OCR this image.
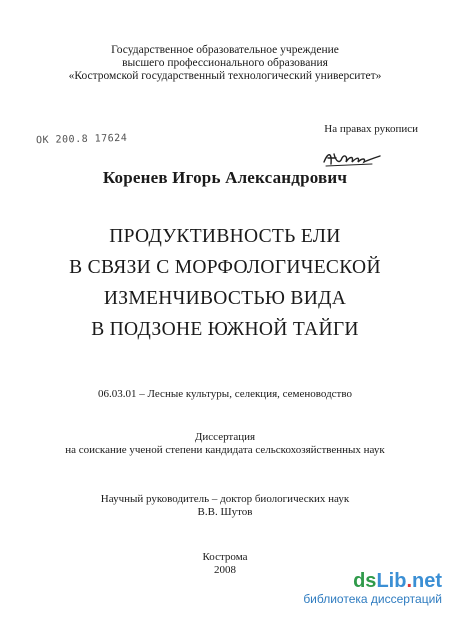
Государственное образовательное учреждение
высшего профессионального образования
«Костромской государственный технологический университет»
На правах рукописи
ОК 200.8 17624
Коренев Игорь Александрович
ПРОДУКТИВНОСТЬ ЕЛИ
В СВЯЗИ С МОРФОЛОГИЧЕСКОЙ
ИЗМЕНЧИВОСТЬЮ ВИДА
В ПОДЗОНЕ ЮЖНОЙ ТАЙГИ
06.03.01 – Лесные культуры, селекция, семеноводство
Диссертация
на соискание ученой степени кандидата сельскохозяйственных наук
Научный руководитель – доктор биологических наук
В.В. Шутов
Кострома
2008	dsLib.net
библиотека диссертаций
